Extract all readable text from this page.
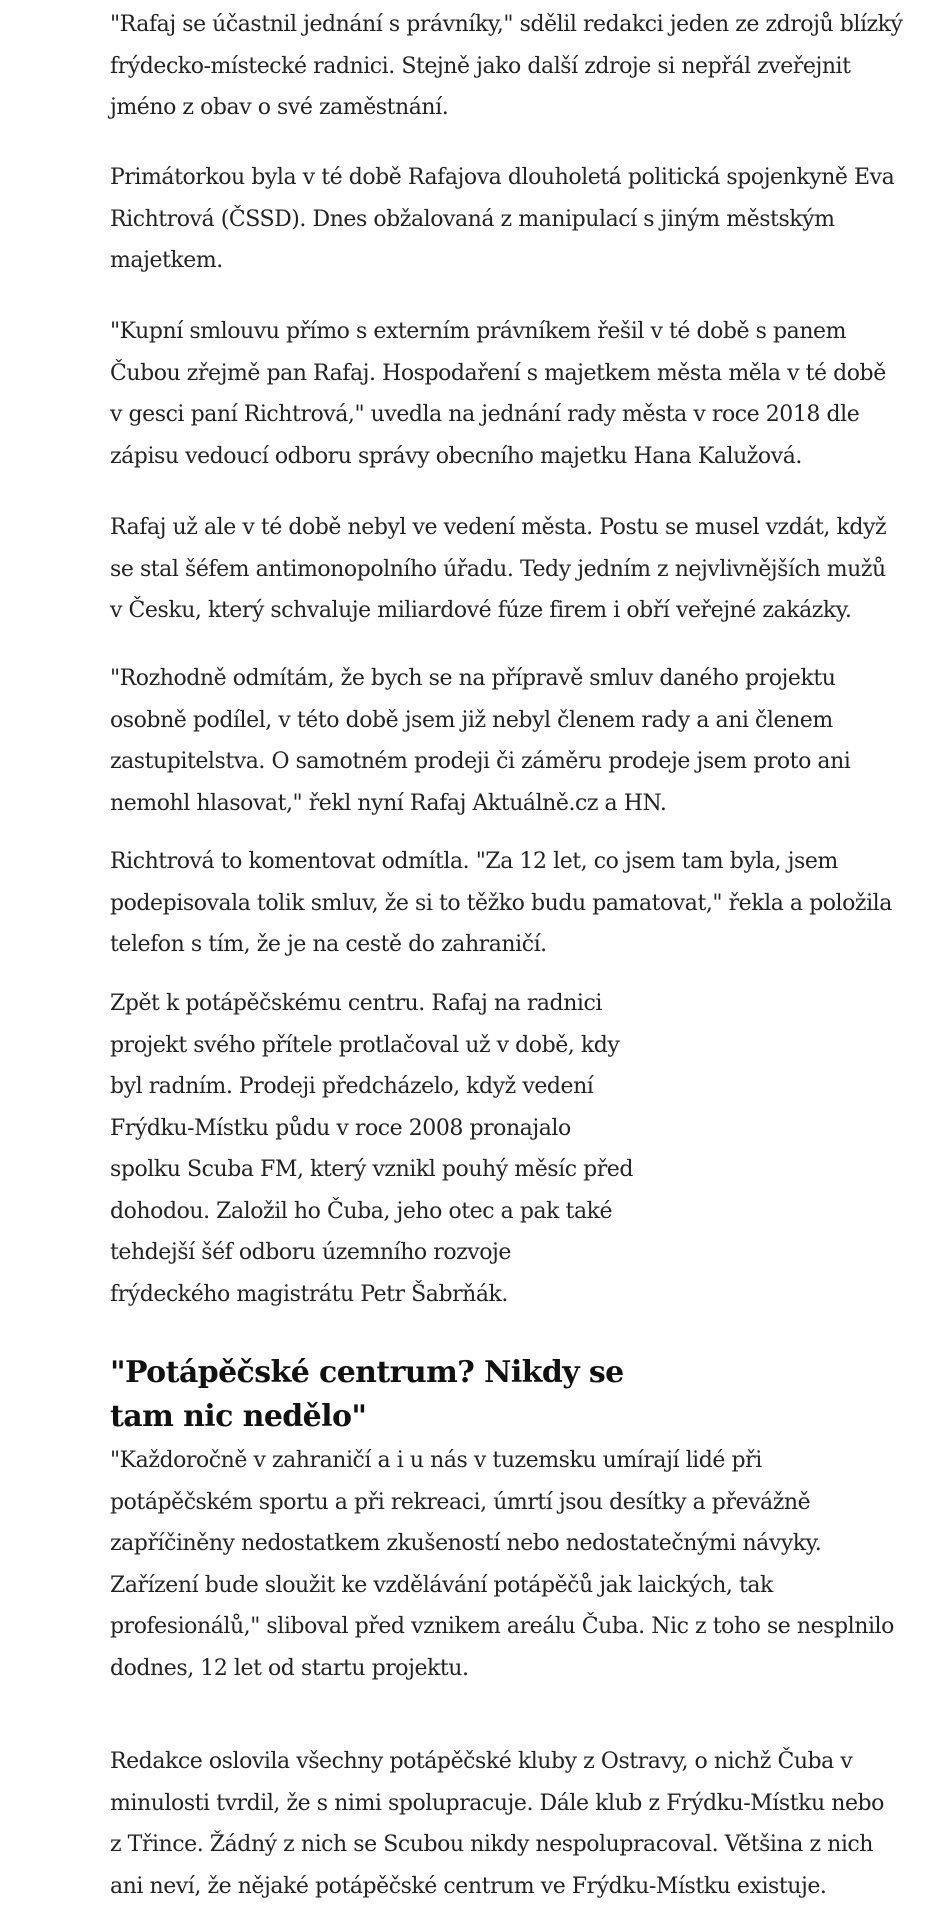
"Rafaj se účastnil jednání s právníky," sdělil redakci jeden ze zdrojů blízký
frýdecko-místecké radnici. Stejně jako další zdroje si nepřál zveřejnit
jméno z obav o své zaměstnání.

Primátorkou byla v té době Rafajova dlouholetá politická spojenkyně Eva
Richtrová (ČSSD). Dnes obžalovaná z manipulací s jiným městským
majetkem.

"Kupní smlouvu přímo s externím právníkem řešil v té době s panem
Čubou zřejmě pan Rafaj. Hospodaření s majetkem města měla v té době
v gesci paní Richtrová," uvedla na jednání rady města v roce 2018 dle
zápisu vedoucí odboru správy obecního majetku Hana Kalužová.

Rafaj už ale v té době nebyl ve vedení města. Postu se musel vzdát, když
se stal šéfem antimonopolního úřadu. Tedy jedním z nejvlivnějších mužů
v Česku, který schvaluje miliardové fúze firem i obří veřejné zakázky.

"Rozhodně odmítám, že bych se na přípravě smluv daného projektu
osobně podílel, v této době jsem již nebyl členem rady a ani členem
zastupitelstva. O samotném prodeji či záměru prodeje jsem proto ani
nemohl hlasovat," řekl nyní Rafaj Aktuálně.cz a HN.

Richtrová to komentovat odmítla. "Za 12 let, co jsem tam byla, jsem
podepisovala tolik smluv, že si to těžko budu pamatovat," řekla a položila
telefon s tím, že je na cestě do zahraničí.

Zpět k potápěčskému centru. Rafaj na radnici
projekt svého přítele protlačoval už v době, kdy
byl radním. Prodeji předcházelo, když vedení
Frýdku-Místku půdu v roce 2008 pronajalo
spolku Scuba FM, který vznikl pouhý měsíc před
dohodou. Založil ho Čuba, jeho otec a pak také
tehdejší šéf odboru územního rozvoje
frýdeckého magistrátu Petr Šabrňák.

"Potápěčské centrum? Nikdy se
tam nic nedělo"

"Každoročně v zahraničí a i u nás v tuzemsku umírají lidé při
potápěčském sportu a při rekreaci, úmrtí jsou desítky a převážně
zapříčiněny nedostatkem zkušeností nebo nedostatečnými návyky.
Zařízení bude sloužit ke vzdělávání potápěčů jak laických, tak
profesionálů," sliboval před vznikem areálu Čuba. Nic z toho se nesplnilo
dodnes, 12 let od startu projektu.

Redakce oslovila všechny potápěčské kluby z Ostravy, o nichž Čuba v
minulosti tvrdil, že s nimi spolupracuje. Dále klub z Frýdku-Místku nebo
z Třince. Žádný z nich se Scubou nikdy nespolupracoval. Většina z nich
ani neví, že nějaké potápěčské centrum ve Frýdku-Místku existuje.
